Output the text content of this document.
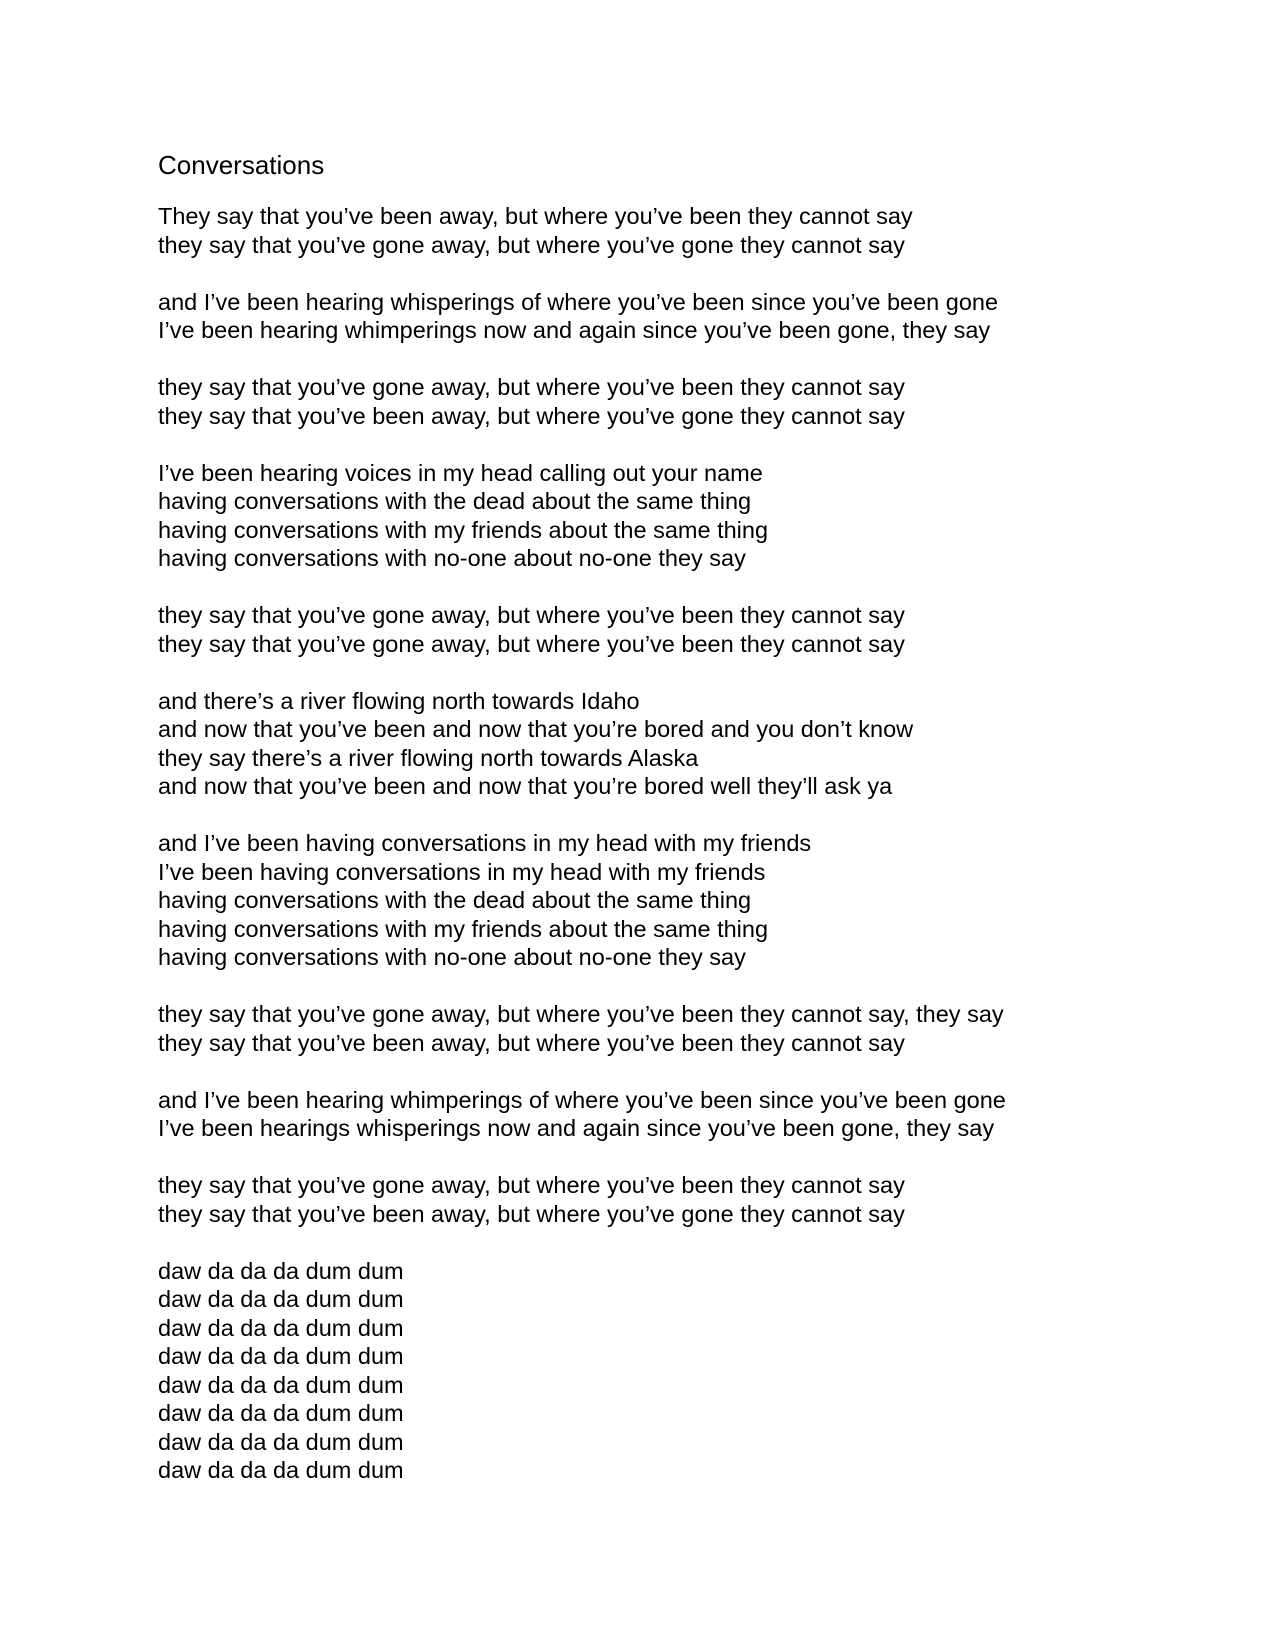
Conversations
They say that you’ve been away, but where you’ve been they cannot say
they say that you’ve gone away, but where you’ve gone they cannot say
and I’ve been hearing whisperings of where you’ve been since you’ve been gone
I’ve been hearing whimperings now and again since you’ve been gone, they say
they say that you’ve gone away, but where you’ve been they cannot say
they say that you’ve been away, but where you’ve gone they cannot say
I’ve been hearing voices in my head calling out your name
having conversations with the dead about the same thing
having conversations with my friends about the same thing
having conversations with no-one about no-one they say
they say that you’ve gone away, but where you’ve been they cannot say
they say that you’ve gone away, but where you’ve been they cannot say
and there’s a river flowing north towards Idaho
and now that you’ve been and now that you’re bored and you don’t know
they say there’s a river flowing north towards Alaska
and now that you’ve been and now that you’re bored well they’ll ask ya
and I’ve been having conversations in my head with my friends
I’ve been having conversations in my head with my friends
having conversations with the dead about the same thing
having conversations with my friends about the same thing
having conversations with no-one about no-one they say
they say that you’ve gone away, but where you’ve been they cannot say, they say
they say that you’ve been away, but where you’ve been they cannot say
and I’ve been hearing whimperings of where you’ve been since you’ve been gone
I’ve been hearings whisperings now and again since you’ve been gone, they say
they say that you’ve gone away, but where you’ve been they cannot say
they say that you’ve been away, but where you’ve gone they cannot say
daw da da da dum dum
daw da da da dum dum
daw da da da dum dum
daw da da da dum dum
daw da da da dum dum
daw da da da dum dum
daw da da da dum dum
daw da da da dum dum
